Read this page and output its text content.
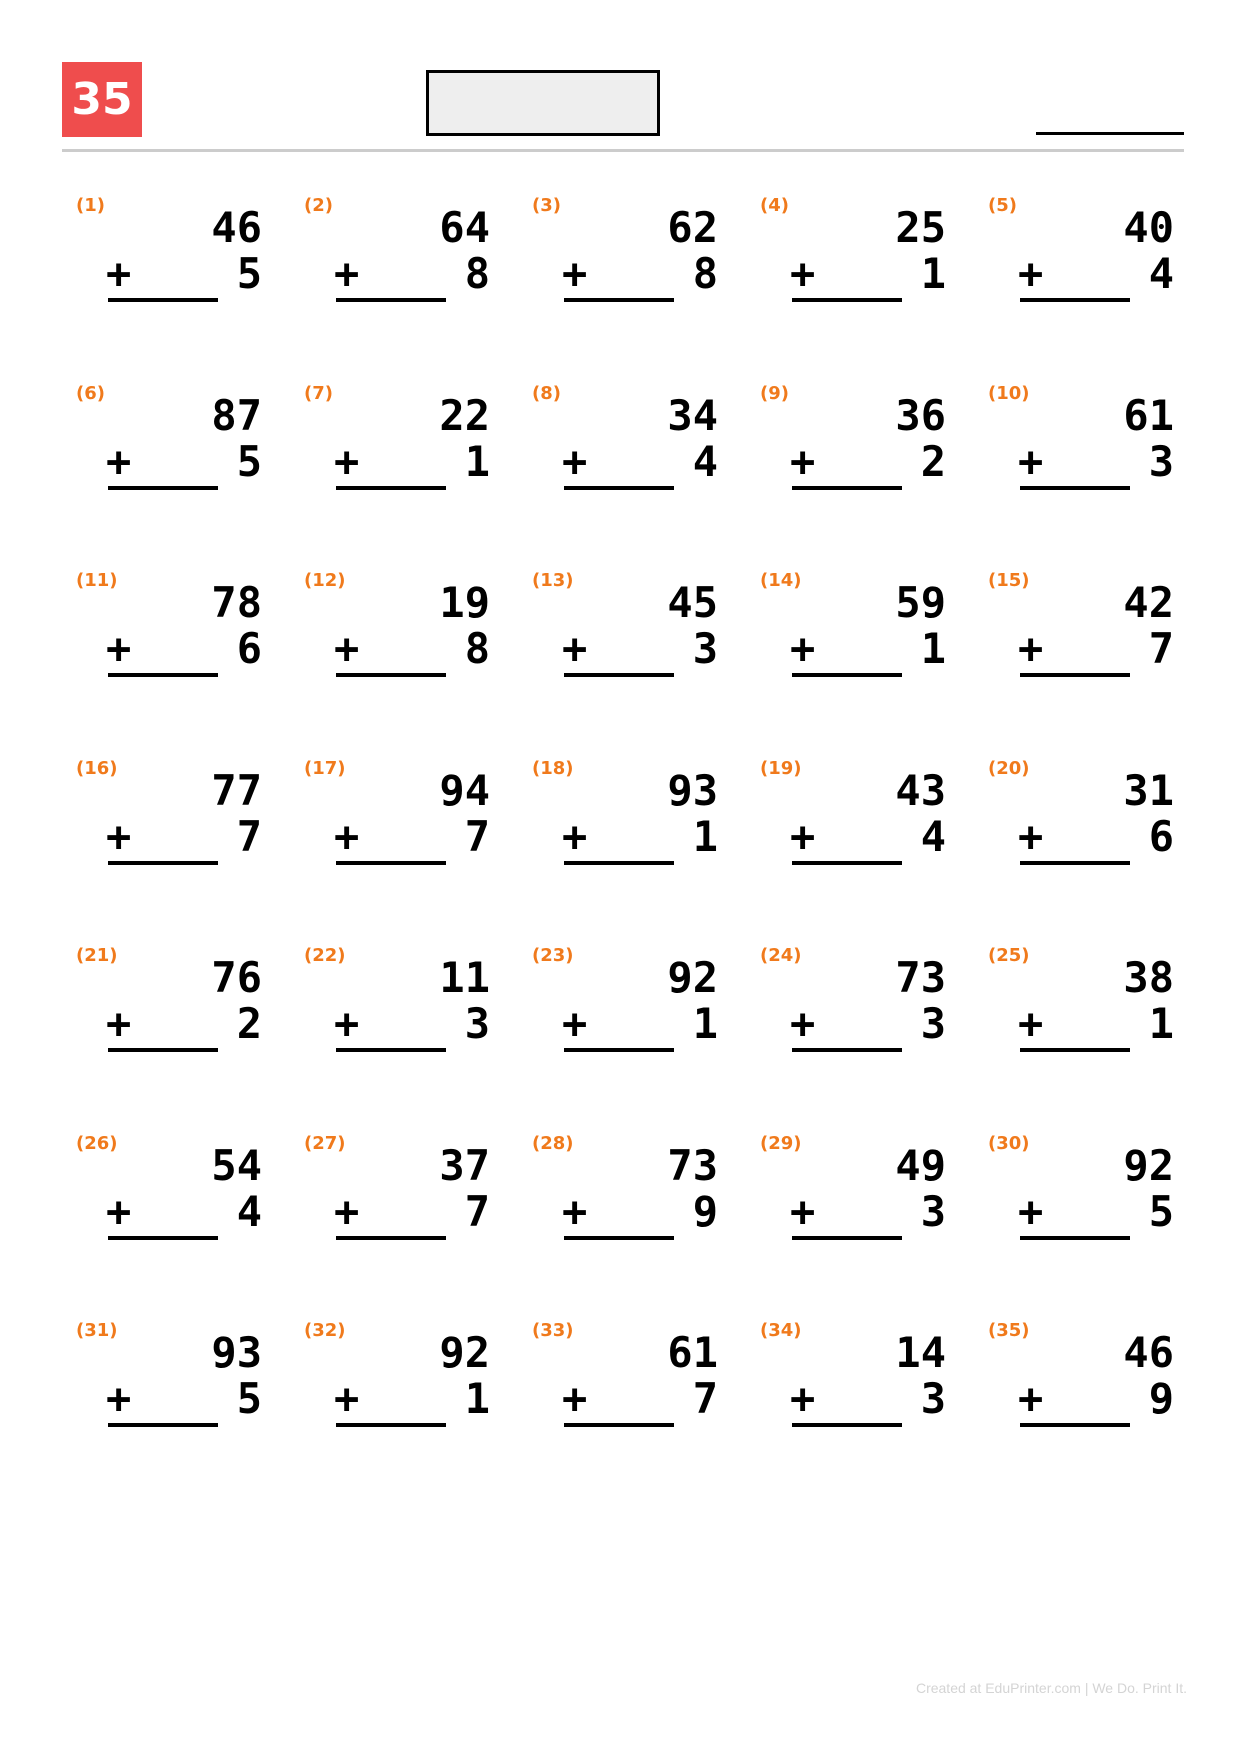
35
(1)	46
+	5
(2)	64
+	8
(3)	62
+	8
(4)	25
+	1
(5)	40
+	4
(6)	87
+	5
(7)	22
+	1
(8)	34
+	4
(9)	36
+	2
(10)	61
+	3
(11)	78
+	6
(12)	19
+	8
(13)	45
+	3
(14)	59
+	1
(15)	42
+	7
(16)	77
+	7
(17)	94
+	7
(18)	93
+	1
(19)	43
+	4
(20)	31
+	6
(21)	76
+	2
(22)	11
+	3
(23)	92
+	1
(24)	73
+	3
(25)	38
+	1
(26)	54
+	4
(27)	37
+	7
(28)	73
+	9
(29)	49
+	3
(30)	92
+	5
(31)	93
+	5
(32)	92
+	1
(33)	61
+	7
(34)	14
+	3
(35)	46
+	9
Created at EduPrinter.com | We Do. Print It.
